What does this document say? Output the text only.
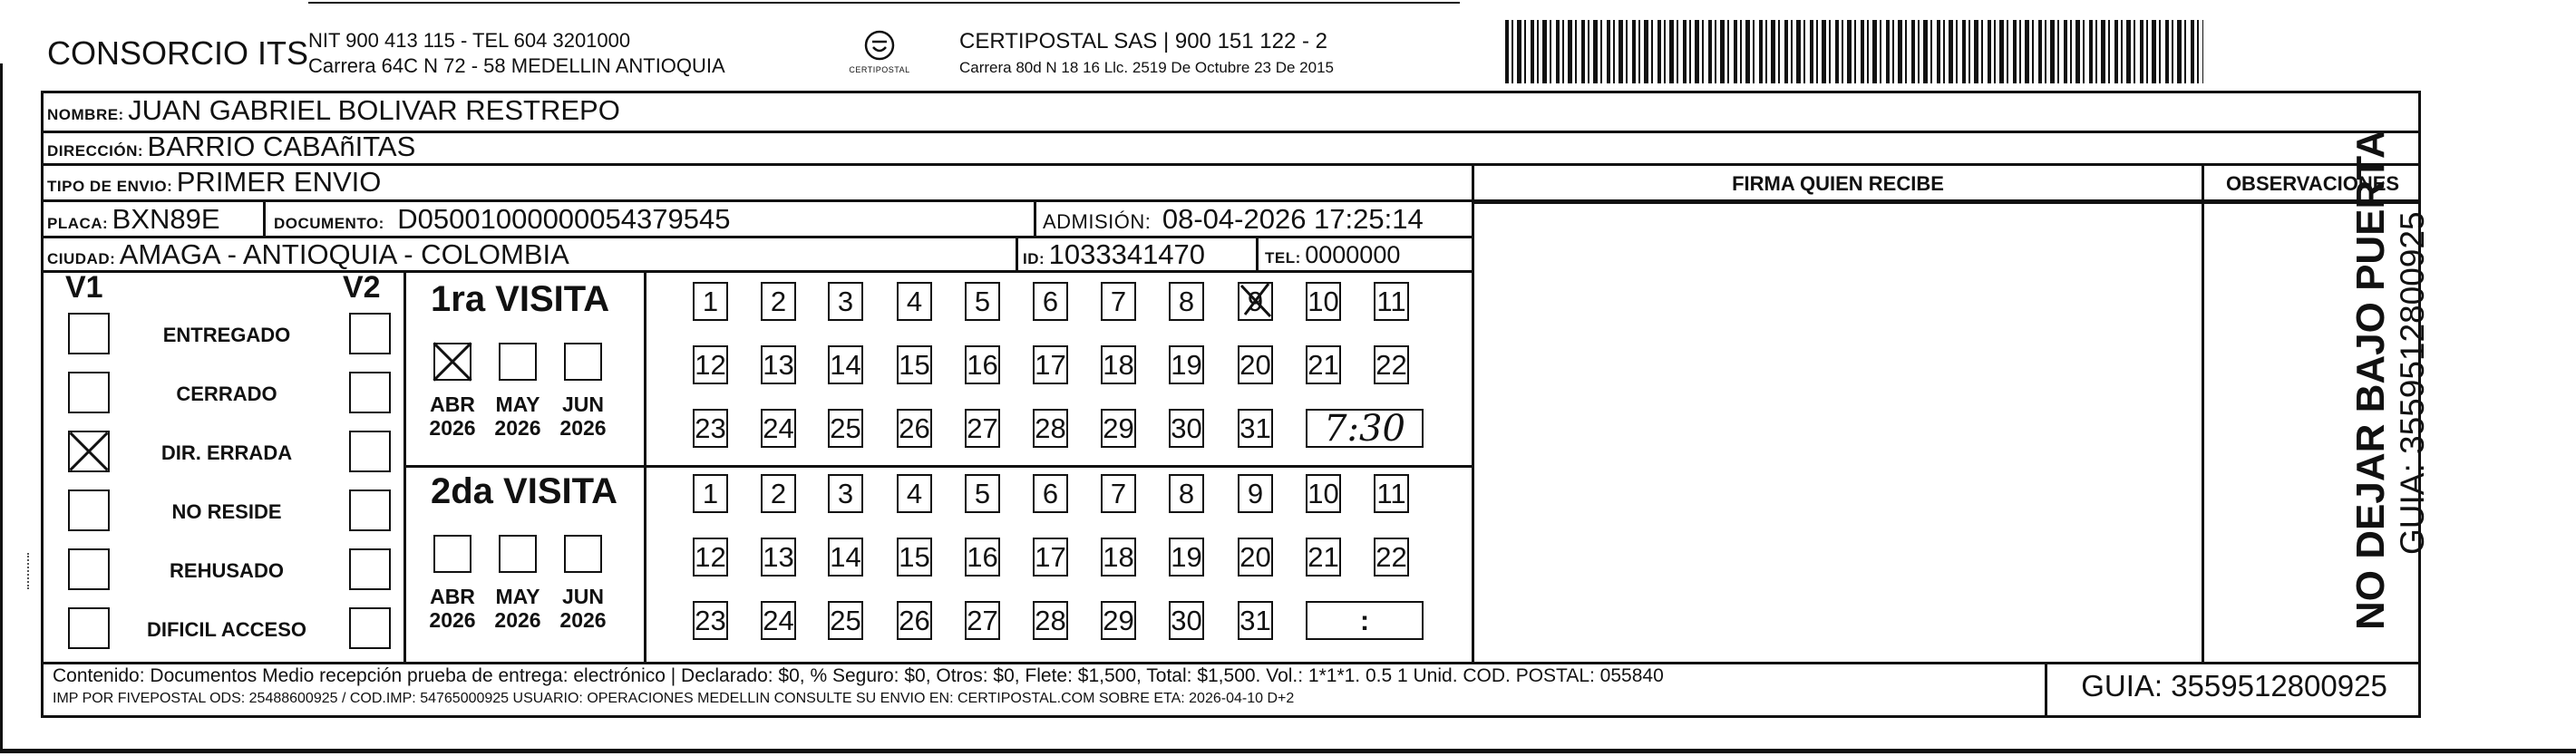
CONSORCIO ITS NIT 900 413 115 - TEL 604 3201000
Carrera 64C N 72 - 58 MEDELLIN ANTIOQUIA	CERTIPOSTAL
CERTIPOSTAL SAS | 900 151 122 - 2
Carrera 80d N 18 16 Llc. 2519 De Octubre 23 De 2015
NOMBRE: JUAN GABRIEL BOLIVAR RESTREPO
DIRECCIÓN: BARRIO CABAñITAS
TIPO DE ENVIO: PRIMER ENVIO
PLACA: BXN89E	DOCUMENTO: D05001000000054379545	ADMISIÓN: 08-04-2026 17:25:14
CIUDAD: AMAGA - ANTIOQUIA - COLOMBIA	ID: 1033341470	TEL: 0000000
FIRMA QUIEN RECIBE	OBSERVACIONES
V1	V2
ENTREGADO
CERRADO
DIR. ERRADA
NO RESIDE
REHUSADO
DIFICIL ACCESO
1ra VISITA
2da VISITA
ABR
2026
MAY
2026
JUN
2026
1	2	3	4	5	6	7	8	9 10 11
12 13 14 15 16 17 18 19 20 21 22
23 24 25 26 27 28 29 30 31 7:30
ABR
2026
MAY
2026
JUN
2026
1	2	3	4	5	6	7	8	9	10 11
12 13 14 15 16 17 18 19 20 21 22
23 24 25 26 27 28 29 30 31	:
Contenido: Documentos Medio recepción prueba de entrega: electrónico | Declarado: $0, % Seguro: $0, Otros: $0, Flete: $1,500, Total: $1,500. Vol.: 1*1*1. 0.5 1 Unid. COD. POSTAL: 055840
IMP POR FIVEPOSTAL ODS: 25488600925 / COD.IMP: 54765000925 USUARIO: OPERACIONES MEDELLIN CONSULTE SU ENVIO EN: CERTIPOSTAL.COM SOBRE ETA: 2026-04-10 D+2	GUIA: 3559512800925
NO DEJAR BAJO PUERTA GUIA: 3559512800925
